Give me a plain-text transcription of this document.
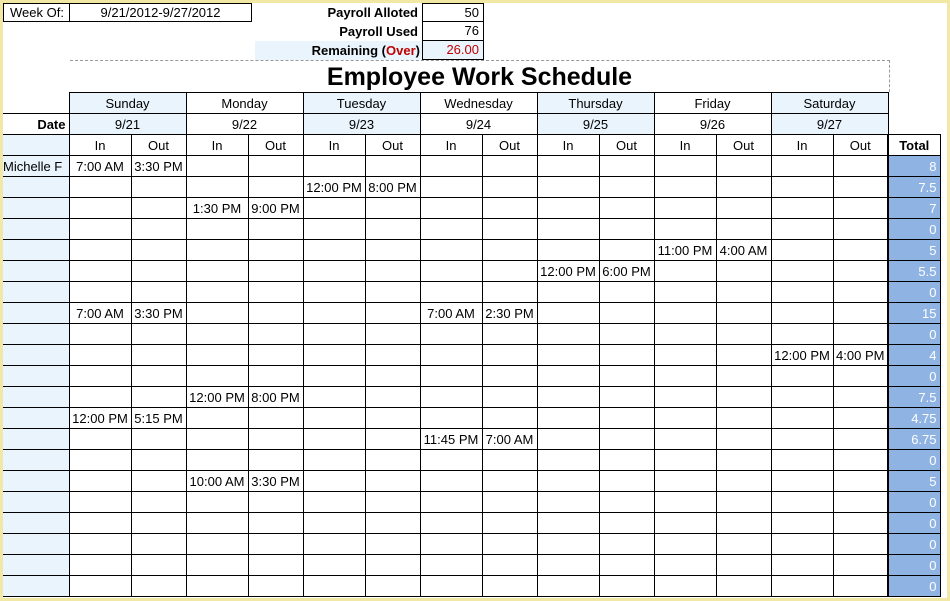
Week Of:	9/21/2012-9/27/2012	Payroll Alloted	50
Payroll Used	76
Remaining (Over)	26.00
Employee Work Schedule
	Sunday		Monday		Tuesday		Wednesday		Thursday		Friday		Saturday		
Date	9/21		9/22		9/23		9/24		9/25		9/26		9/27		
	In	Out	In	Out	In	Out	In	Out	In	Out	In	Out	In	Out	Total
Michelle F	7:00 AM	3:30 PM													8
					12:00 PM	8:00 PM									7.5
			1:30 PM	9:00 PM											7
															0
											11:00 PM	4:00 AM			5
									12:00 PM	6:00 PM					5.5
															0
	7:00 AM	3:30 PM					7:00 AM	2:30 PM							15
															0
													12:00 PM	4:00 PM	4
															0
			12:00 PM	8:00 PM											7.5
	12:00 PM	5:15 PM													4.75
							11:45 PM	7:00 AM							6.75
															0
			10:00 AM	3:30 PM											5
															0
															0
															0
															0
															0
